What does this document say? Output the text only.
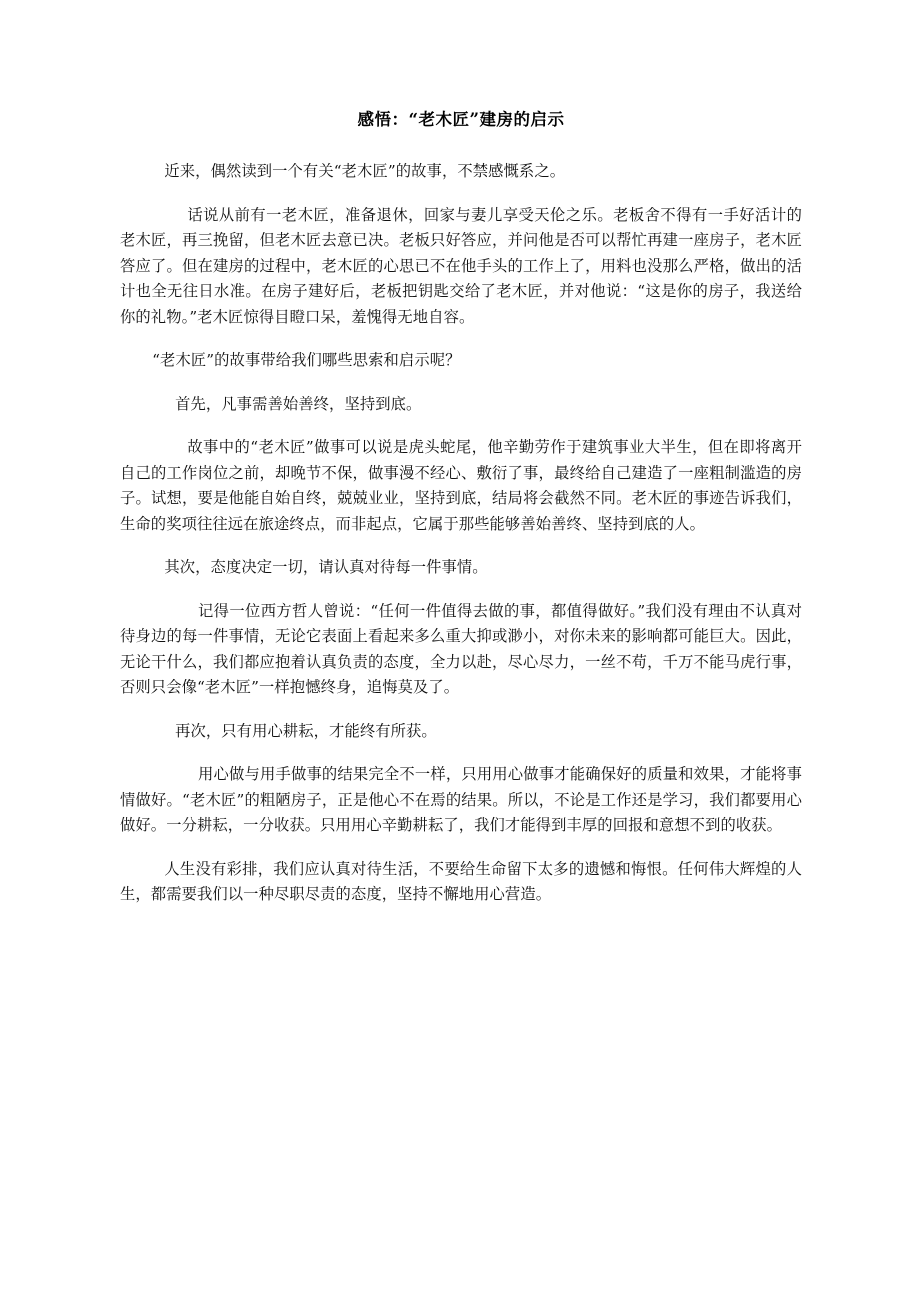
感悟：“老木匠”建房的启示

近来，偶然读到一个有关“老木匠”的故事，不禁感慨系之。

话说从前有一老木匠，准备退休，回家与妻儿享受天伦之乐。老板舍不得有一手好活计的老木匠，再三挽留，但老木匠去意已决。老板只好答应，并问他是否可以帮忙再建一座房子，老木匠答应了。但在建房的过程中，老木匠的心思已不在他手头的工作上了，用料也没那么严格，做出的活计也全无往日水准。在房子建好后，老板把钥匙交给了老木匠，并对他说：“这是你的房子，我送给你的礼物。”老木匠惊得目瞪口呆，羞愧得无地自容。

“老木匠”的故事带给我们哪些思索和启示呢？

首先，凡事需善始善终，坚持到底。

故事中的“老木匠”做事可以说是虎头蛇尾，他辛勤劳作于建筑事业大半生，但在即将离开自己的工作岗位之前，却晚节不保，做事漫不经心、敷衍了事，最终给自己建造了一座粗制滥造的房子。试想，要是他能自始自终，兢兢业业，坚持到底，结局将会截然不同。老木匠的事迹告诉我们，生命的奖项往往远在旅途终点，而非起点，它属于那些能够善始善终、坚持到底的人。

其次，态度决定一切，请认真对待每一件事情。

记得一位西方哲人曾说：“任何一件值得去做的事，都值得做好。”我们没有理由不认真对待身边的每一件事情，无论它表面上看起来多么重大抑或渺小，对你未来的影响都可能巨大。因此，无论干什么，我们都应抱着认真负责的态度，全力以赴，尽心尽力，一丝不苟，千万不能马虎行事，否则只会像“老木匠”一样抱憾终身，追悔莫及了。

再次，只有用心耕耘，才能终有所获。

用心做与用手做事的结果完全不一样，只用用心做事才能确保好的质量和效果，才能将事情做好。“老木匠”的粗陋房子，正是他心不在焉的结果。所以，不论是工作还是学习，我们都要用心做好。一分耕耘，一分收获。只用用心辛勤耕耘了，我们才能得到丰厚的回报和意想不到的收获。

人生没有彩排，我们应认真对待生活，不要给生命留下太多的遗憾和悔恨。任何伟大辉煌的人生，都需要我们以一种尽职尽责的态度，坚持不懈地用心营造。
